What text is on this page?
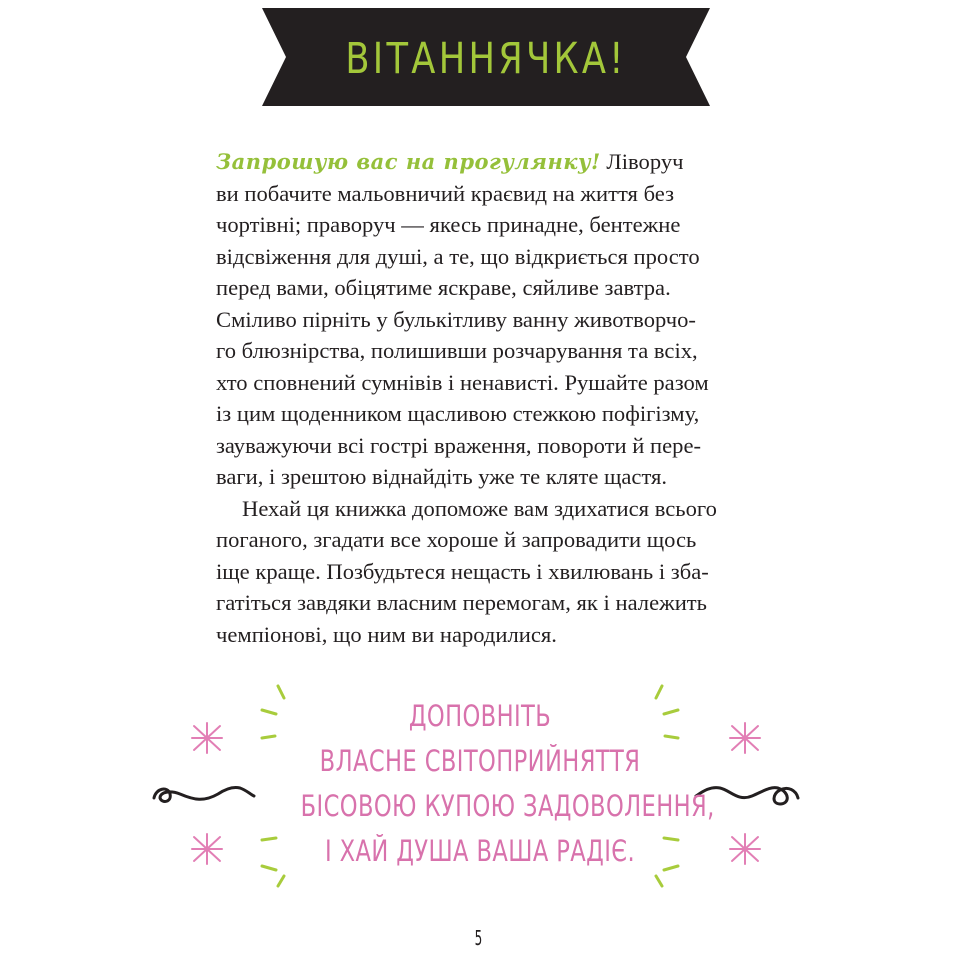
ВІТАННЯЧКА!

Запрошую вас на прогулянку! Ліворуч

ви побачите мальовничий краєвид на життя без

чортівні; праворуч — якесь принадне, бентежне

відсвіження для душі, а те, що відкриється просто

перед вами, обіцятиме яскраве, сяйливе завтра.

Сміливо пірніть у булькітливу ванну животворчо-

го блюзнірства, полишивши розчарування та всіх,

хто сповнений сумнівів і ненависті. Рушайте разом

із цим щоденником щасливою стежкою пофігізму,

зауважуючи всі гострі враження, повороти й пере-

ваги, і зрештою віднайдіть уже те кляте щастя.

Нехай ця книжка допоможе вам здихатися всього

поганого, згадати все хороше й запровадити щось

іще краще. Позбудьтеся нещасть і хвилювань і зба-

гатіться завдяки власним перемогам, як і належить

чемпіонові, що ним ви народилися.

ДОПОВНІТЬ
ВЛАСНЕ СВІТОПРИЙНЯТТЯ
БІСОВОЮ КУПОЮ ЗАДОВОЛЕННЯ,
І ХАЙ ДУША ВАША РАДІЄ.
5
